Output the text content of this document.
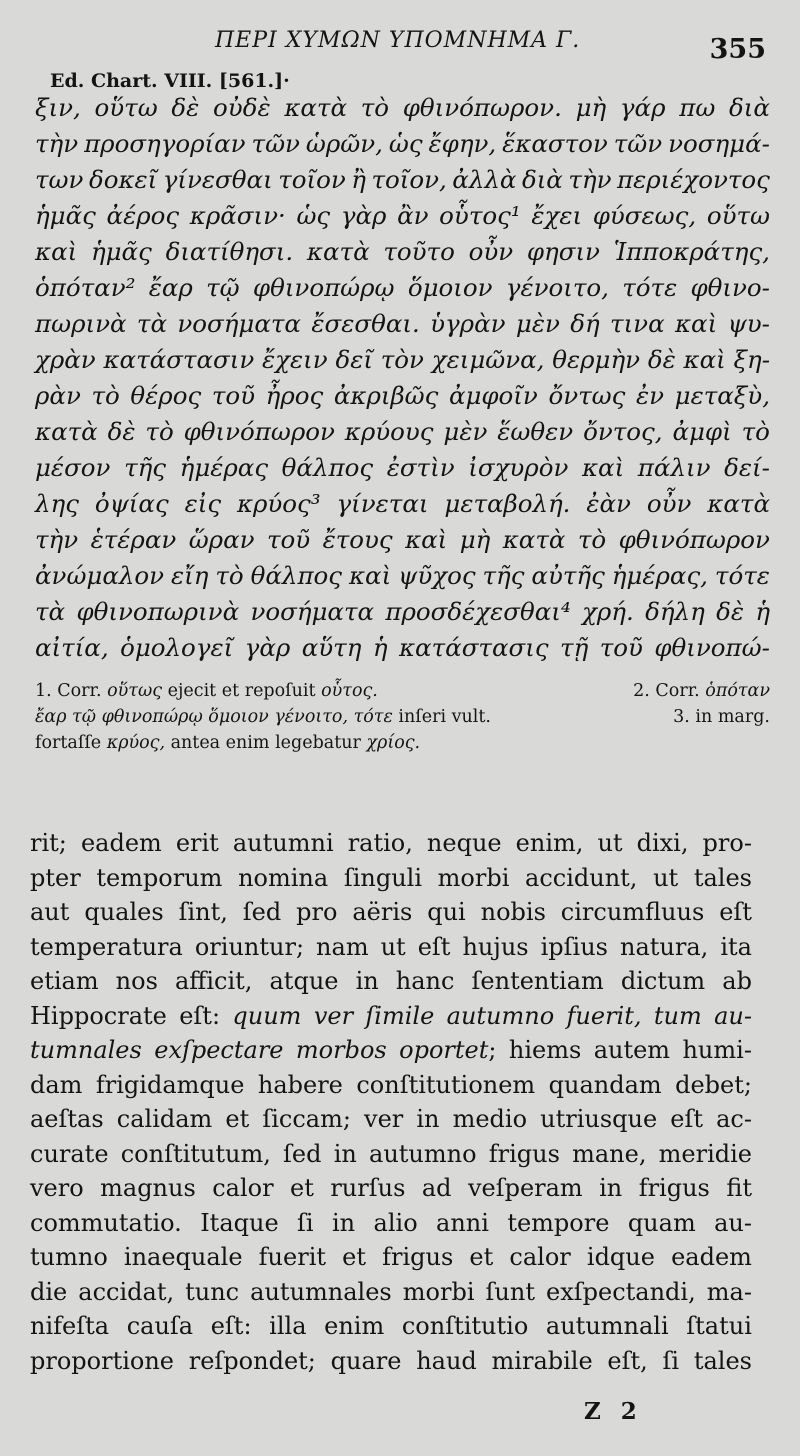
ΠΕΡΙ ΧΥΜΩΝ ΥΠΟΜΝΗΜΑ Γ.	355
Ed. Chart. VIII. [561.]·
ξιν, οὕτω δὲ οὐδὲ κατὰ τὸ φθινόπωρον. μὴ γάρ πω διὰ
τὴν προσηγορίαν τῶν ὡρῶν, ὡς ἔφην, ἕκαστον τῶν νοσημά-
των δοκεῖ γίνεσθαι τοῖον ἢ τοῖον, ἀλλὰ διὰ τὴν περιέχοντος
ἡμᾶς ἀέρος κρᾶσιν· ὡς γὰρ ἂν οὗτος¹ ἔχει φύσεως, οὕτω
καὶ ἡμᾶς διατίθησι. κατὰ τοῦτο οὖν φησιν Ἱπποκράτης,
ὁπόταν² ἔαρ τῷ φθινοπώρῳ ὅμοιον γένοιτο, τότε φθινο-
πωρινὰ τὰ νοσήματα ἔσεσθαι. ὑγρὰν μὲν δή τινα καὶ ψυ-
χρὰν κατάστασιν ἔχειν δεῖ τὸν χειμῶνα, θερμὴν δὲ καὶ ξη-
ρὰν τὸ θέρος τοῦ ἦρος ἀκριβῶς ἀμφοῖν ὄντως ἐν μεταξὺ,
κατὰ δὲ τὸ φθινόπωρον κρύους μὲν ἕωθεν ὄντος, ἀμφὶ τὸ
μέσον τῆς ἡμέρας θάλπος ἐστὶν ἰσχυρὸν καὶ πάλιν δεί-
λης ὀψίας εἰς κρύος³ γίνεται μεταβολή. ἐὰν οὖν κατὰ
τὴν ἑτέραν ὥραν τοῦ ἔτους καὶ μὴ κατὰ τὸ φθινόπωρον
ἀνώμαλον εἴη τὸ θάλπος καὶ ψῦχος τῆς αὐτῆς ἡμέρας, τότε
τὰ φθινοπωρινὰ νοσήματα προσδέχεσθαι⁴ χρή. δήλη δὲ ἡ
αἰτία, ὁμολογεῖ γὰρ αὕτη ἡ κατάστασις τῇ τοῦ φθινοπώ-
1. Corr. οὕτως ejecit et repoſuit οὗτος.	2. Corr. ὁπόταν
ἔαρ τῷ φθινοπώρῳ ὅμοιον γένοιτο, τότε inſeri vult.	3. in marg.
fortaſſe κρύος, antea enim legebatur χρίος.
rit; eadem erit autumni ratio, neque enim, ut dixi, pro-
pter temporum nomina ſinguli morbi accidunt, ut tales
aut quales ſint, ſed pro aëris qui nobis circumfluus eſt
temperatura oriuntur; nam ut eſt hujus ipſius natura, ita
etiam nos afficit, atque in hanc ſententiam dictum ab
Hippocrate eſt: quum ver ſimile autumno fuerit, tum au-
tumnales exſpectare morbos oportet; hiems autem humi-
dam frigidamque habere conſtitutionem quandam debet;
aeſtas calidam et ſiccam; ver in medio utriusque eſt ac-
curate conſtitutum, ſed in autumno frigus mane, meridie
vero magnus calor et rurſus ad veſperam in frigus fit
commutatio. Itaque ſi in alio anni tempore quam au-
tumno inaequale fuerit et frigus et calor idque eadem
die accidat, tunc autumnales morbi ſunt exſpectandi, ma-
nifeſta cauſa eſt: illa enim conſtitutio autumnali ſtatui
proportione reſpondet; quare haud mirabile eſt, ſi tales
Z 2
